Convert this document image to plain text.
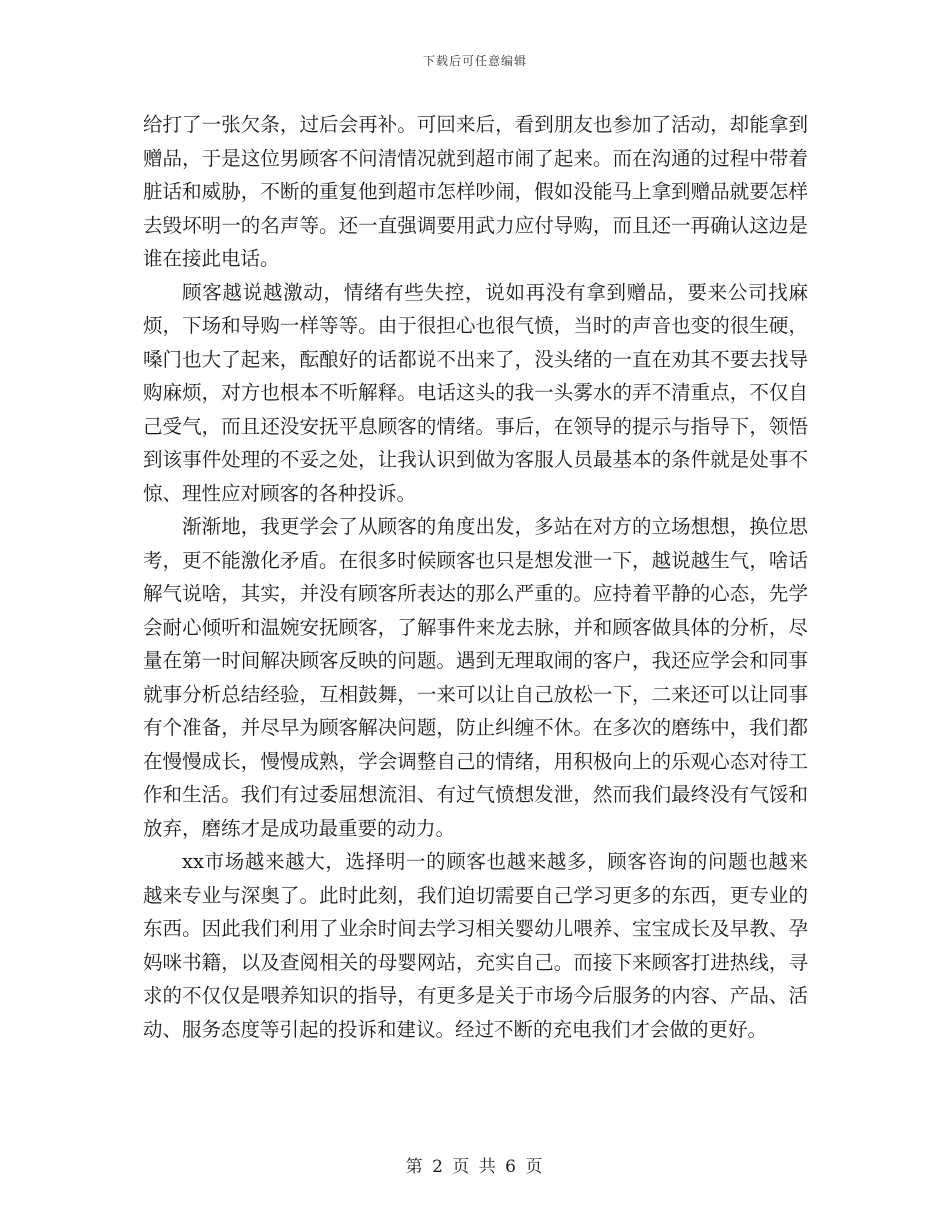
下载后可任意编辑

给打了一张欠条，过后会再补。可回来后，看到朋友也参加了活动，却能拿到赠品，于是这位男顾客不问清情况就到超市闹了起来。而在沟通的过程中带着脏话和威胁，不断的重复他到超市怎样吵闹，假如没能马上拿到赠品就要怎样去毁坏明一的名声等。还一直强调要用武力应付导购，而且还一再确认这边是谁在接此电话。

顾客越说越激动，情绪有些失控，说如再没有拿到赠品，要来公司找麻烦，下场和导购一样等等。由于很担心也很气愤，当时的声音也变的很生硬，嗓门也大了起来，酝酿好的话都说不出来了，没头绪的一直在劝其不要去找导购麻烦，对方也根本不听解释。电话这头的我一头雾水的弄不清重点，不仅自己受气，而且还没安抚平息顾客的情绪。事后，在领导的提示与指导下，领悟到该事件处理的不妥之处，让我认识到做为客服人员最基本的条件就是处事不惊、理性应对顾客的各种投诉。

渐渐地，我更学会了从顾客的角度出发，多站在对方的立场想想，换位思考，更不能激化矛盾。在很多时候顾客也只是想发泄一下，越说越生气，啥话解气说啥，其实，并没有顾客所表达的那么严重的。应持着平静的心态，先学会耐心倾听和温婉安抚顾客，了解事件来龙去脉，并和顾客做具体的分析，尽量在第一时间解决顾客反映的问题。遇到无理取闹的客户，我还应学会和同事就事分析总结经验，互相鼓舞，一来可以让自己放松一下，二来还可以让同事有个准备，并尽早为顾客解决问题，防止纠缠不休。在多次的磨练中，我们都在慢慢成长，慢慢成熟，学会调整自己的情绪，用积极向上的乐观心态对待工作和生活。我们有过委屈想流泪、有过气愤想发泄，然而我们最终没有气馁和放弃，磨练才是成功最重要的动力。

xx市场越来越大，选择明一的顾客也越来越多，顾客咨询的问题也越来越来专业与深奥了。此时此刻，我们迫切需要自己学习更多的东西，更专业的东西。因此我们利用了业余时间去学习相关婴幼儿喂养、宝宝成长及早教、孕妈咪书籍，以及查阅相关的母婴网站，充实自己。而接下来顾客打进热线，寻求的不仅仅是喂养知识的指导，有更多是关于市场今后服务的内容、产品、活动、服务态度等引起的投诉和建议。经过不断的充电我们才会做的更好。

第 2 页 共 6 页
